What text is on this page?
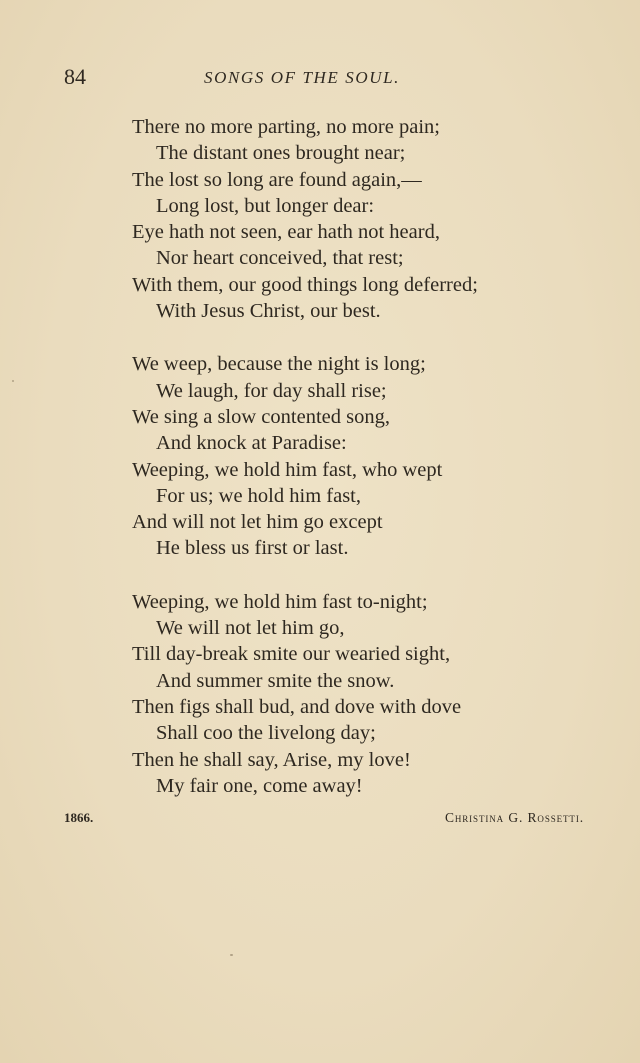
84	SONGS OF THE SOUL.
There no more parting, no more pain;
The distant ones brought near;
The lost so long are found again,—
Long lost, but longer dear:
Eye hath not seen, ear hath not heard,
Nor heart conceived, that rest;
With them, our good things long deferred;
With Jesus Christ, our best.
We weep, because the night is long;
We laugh, for day shall rise;
We sing a slow contented song,
And knock at Paradise:
Weeping, we hold him fast, who wept
For us; we hold him fast,
And will not let him go except
He bless us first or last.
Weeping, we hold him fast to-night;
We will not let him go,
Till day-break smite our wearied sight,
And summer smite the snow.
Then figs shall bud, and dove with dove
Shall coo the livelong day;
Then he shall say, Arise, my love!
My fair one, come away!
1866.	Christina G. Rossetti.
